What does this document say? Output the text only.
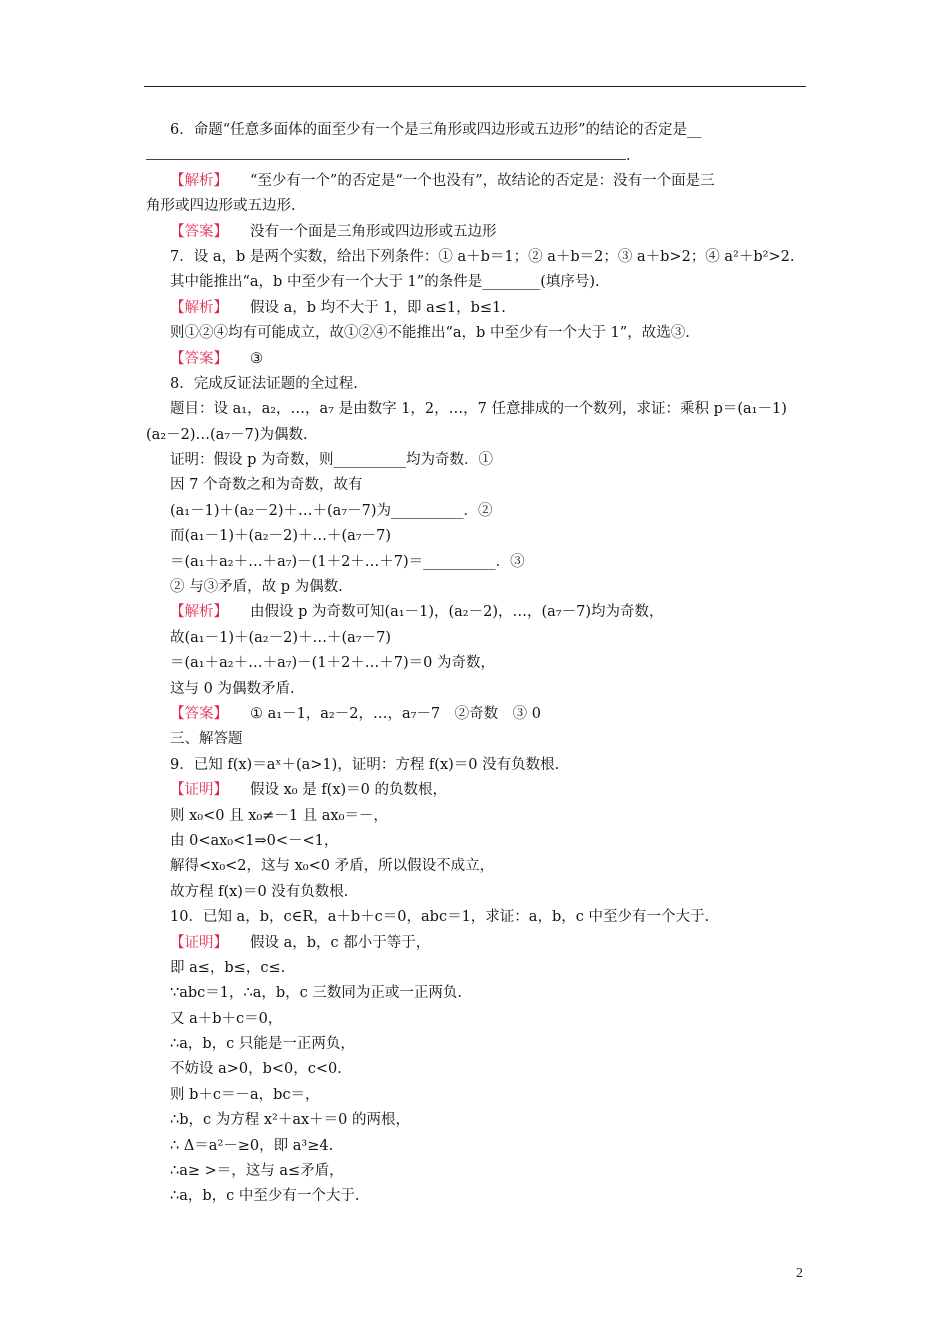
6．命题“任意多面体的面至少有一个是三角形或四边形或五边形”的结论的否定是__
．
【解析】 “至少有一个”的否定是“一个也没有”，故结论的否定是：没有一个面是三
角形或四边形或五边形.
【答案】 没有一个面是三角形或四边形或五边形
7．设 a，b 是两个实数，给出下列条件：① a＋b＝1；② a＋b＝2；③ a＋b>2；④ a²＋b²>2.
其中能推出“a，b 中至少有一个大于 1”的条件是________(填序号).
【解析】 假设 a，b 均不大于 1，即 a≤1，b≤1.
则①②④均有可能成立，故①②④不能推出“a，b 中至少有一个大于 1”，故选③.
【答案】 ③
8．完成反证法证题的全过程.
题目：设 a₁，a₂，…，a₇ 是由数字 1，2，…，7 任意排成的一个数列，求证：乘积 p＝(a₁－1)
(a₂－2)…(a₇－7)为偶数.
证明：假设 p 为奇数，则__________均为奇数．①
因 7 个奇数之和为奇数，故有
(a₁－1)＋(a₂－2)＋…＋(a₇－7)为__________．②
而(a₁－1)＋(a₂－2)＋…＋(a₇－7)
＝(a₁＋a₂＋…＋a₇)－(1＋2＋…＋7)＝__________．③
② 与③矛盾，故 p 为偶数.
【解析】 由假设 p 为奇数可知(a₁－1)，(a₂－2)，…，(a₇－7)均为奇数，
故(a₁－1)＋(a₂－2)＋…＋(a₇－7)
＝(a₁＋a₂＋…＋a₇)－(1＋2＋…＋7)＝0 为奇数，
这与 0 为偶数矛盾.
【答案】 ① a₁－1，a₂－2，…，a₇－7　②奇数　③ 0
三、解答题
9．已知 f(x)＝aˣ＋(a>1)，证明：方程 f(x)＝0 没有负数根.
【证明】 假设 x₀ 是 f(x)＝0 的负数根，
则 x₀<0 且 x₀≠－1 且 ax₀＝－，
由 0<ax₀<1⇒0<－<1，
解得<x₀<2，这与 x₀<0 矛盾，所以假设不成立，
故方程 f(x)＝0 没有负数根.
10．已知 a，b，c∈R，a＋b＋c＝0，abc＝1，求证：a，b，c 中至少有一个大于.
【证明】 假设 a，b，c 都小于等于，
即 a≤，b≤，c≤.
∵abc＝1，∴a，b，c 三数同为正或一正两负.
又 a＋b＋c＝0，
∴a，b，c 只能是一正两负，
不妨设 a>0，b<0，c<0.
则 b＋c＝－a，bc＝，
∴b，c 为方程 x²＋ax＋＝0 的两根，
∴ Δ＝a²－≥0，即 a³≥4.
∴a≥ >＝，这与 a≤矛盾，
∴a，b，c 中至少有一个大于.
2
